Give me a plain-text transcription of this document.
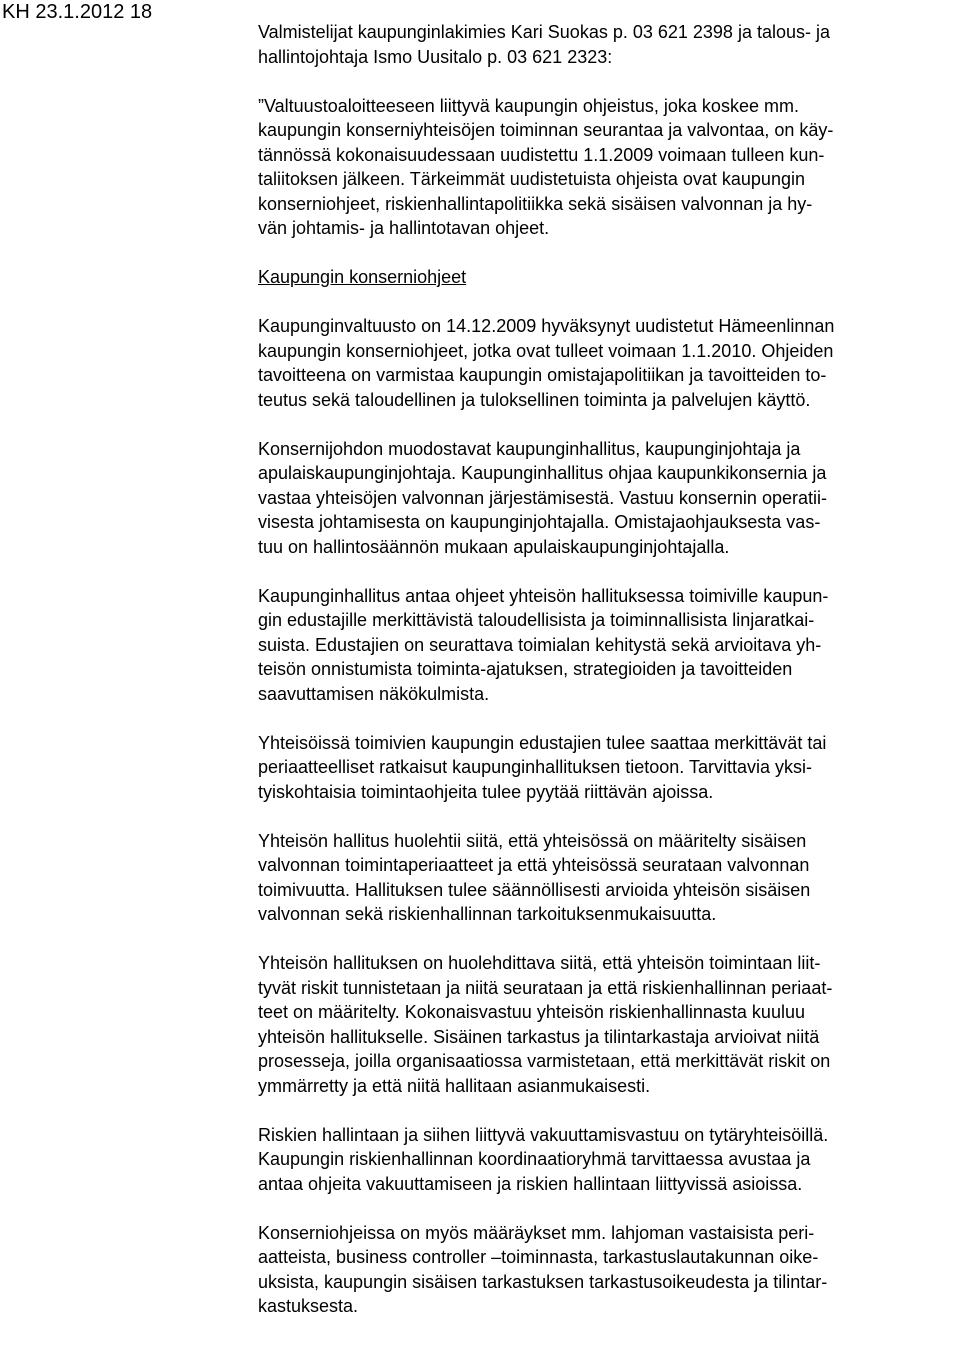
KH 23.1.2012 18
Valmistelijat kaupunginlakimies Kari Suokas p. 03 621 2398 ja talous- ja
hallintojohtaja Ismo Uusitalo p. 03 621 2323:
”Valtuustoaloitteeseen liittyvä kaupungin ohjeistus, joka koskee mm.
kaupungin konserniyhteisöjen toiminnan seurantaa ja valvontaa, on käy-
tännössä kokonaisuudessaan uudistettu 1.1.2009 voimaan tulleen kun-
taliitoksen jälkeen. Tärkeimmät uudistetuista ohjeista ovat kaupungin
konserniohjeet, riskienhallintapolitiikka sekä sisäisen valvonnan ja hy-
vän johtamis- ja hallintotavan ohjeet.
Kaupungin konserniohjeet
Kaupunginvaltuusto on 14.12.2009 hyväksynyt uudistetut Hämeenlinnan
kaupungin konserniohjeet, jotka ovat tulleet voimaan 1.1.2010. Ohjeiden
tavoitteena on varmistaa kaupungin omistajapolitiikan ja tavoitteiden to-
teutus sekä taloudellinen ja tuloksellinen toiminta ja palvelujen käyttö.
Konsernijohdon muodostavat kaupunginhallitus, kaupunginjohtaja ja
apulaiskaupunginjohtaja. Kaupunginhallitus ohjaa kaupunkikonsernia ja
vastaa yhteisöjen valvonnan järjestämisestä. Vastuu konsernin operatii-
visesta johtamisesta on kaupunginjohtajalla. Omistajaohjauksesta vas-
tuu on hallintosäännön mukaan apulaiskaupunginjohtajalla.
Kaupunginhallitus antaa ohjeet yhteisön hallituksessa toimiville kaupun-
gin edustajille merkittävistä taloudellisista ja toiminnallisista linjaratkai-
suista. Edustajien on seurattava toimialan kehitystä sekä arvioitava yh-
teisön onnistumista toiminta-ajatuksen, strategioiden ja tavoitteiden
saavuttamisen näkökulmista.
Yhteisöissä toimivien kaupungin edustajien tulee saattaa merkittävät tai
periaatteelliset ratkaisut kaupunginhallituksen tietoon. Tarvittavia yksi-
tyiskohtaisia toimintaohjeita tulee pyytää riittävän ajoissa.
Yhteisön hallitus huolehtii siitä, että yhteisössä on määritelty sisäisen
valvonnan toimintaperiaatteet ja että yhteisössä seurataan valvonnan
toimivuutta. Hallituksen tulee säännöllisesti arvioida yhteisön sisäisen
valvonnan sekä riskienhallinnan tarkoituksenmukaisuutta.
Yhteisön hallituksen on huolehdittava siitä, että yhteisön toimintaan liit-
tyvät riskit tunnistetaan ja niitä seurataan ja että riskienhallinnan periaat-
teet on määritelty. Kokonaisvastuu yhteisön riskienhallinnasta kuuluu
yhteisön hallitukselle. Sisäinen tarkastus ja tilintarkastaja arvioivat niitä
prosesseja, joilla organisaatiossa varmistetaan, että merkittävät riskit on
ymmärretty ja että niitä hallitaan asianmukaisesti.
Riskien hallintaan ja siihen liittyvä vakuuttamisvastuu on tytäryhteisöillä.
Kaupungin riskienhallinnan koordinaatioryhmä tarvittaessa avustaa ja
antaa ohjeita vakuuttamiseen ja riskien hallintaan liittyvissä asioissa.
Konserniohjeissa on myös määräykset mm. lahjoman vastaisista peri-
aatteista, business controller –toiminnasta, tarkastuslautakunnan oike-
uksista, kaupungin sisäisen tarkastuksen tarkastusoikeudesta ja tilintar-
kastuksesta.
